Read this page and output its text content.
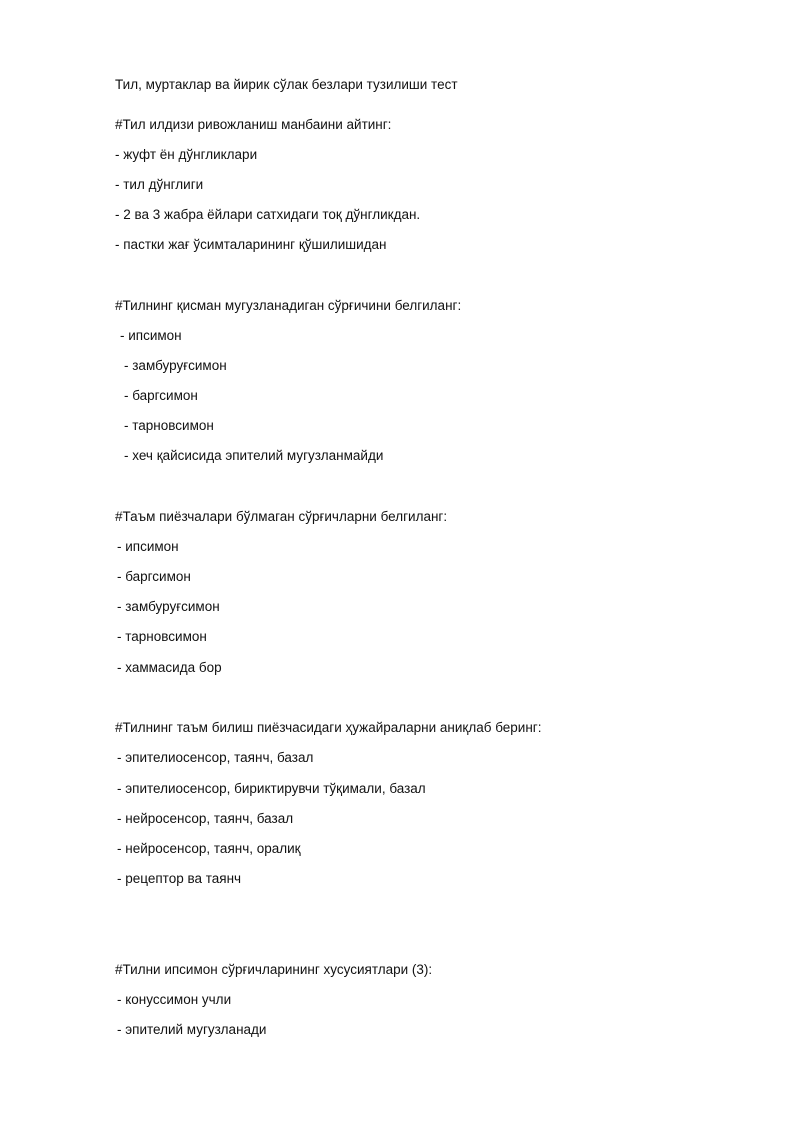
Тил, муртаклар ва йирик сўлак безлари тузилиши тест
#Тил илдизи ривожланиш манбаини айтинг:
- жуфт ён дўнгликлари
- тил дўнглиги
- 2 ва 3 жабра ёйлари сатхидаги тоқ дўнгликдан.
- пастки жағ ўсимталарининг қўшилишидан
#Тилнинг қисман мугузланадиган сўрғичини белгиланг:
- ипсимон
- замбуруғсимон
- баргсимон
- тарновсимон
- хеч қайсисида эпителий мугузланмайди
#Таъм пиёзчалари бўлмаган сўрғичларни белгиланг:
- ипсимон
- баргсимон
- замбуруғсимон
- тарновсимон
- хаммасида бор
#Тилнинг таъм билиш пиёзчасидаги ҳужайраларни аниқлаб беринг:
- эпителиосенсор, таянч, базал
- эпителиосенсор, бириктирувчи тўқимали, базал
- нейросенсор, таянч, базал
- нейросенсор, таянч, оралиқ
- рецептор ва таянч
#Тилни ипсимон сўрғичларининг хусусиятлари (3):
- конуссимон учли
- эпителий мугузланади
